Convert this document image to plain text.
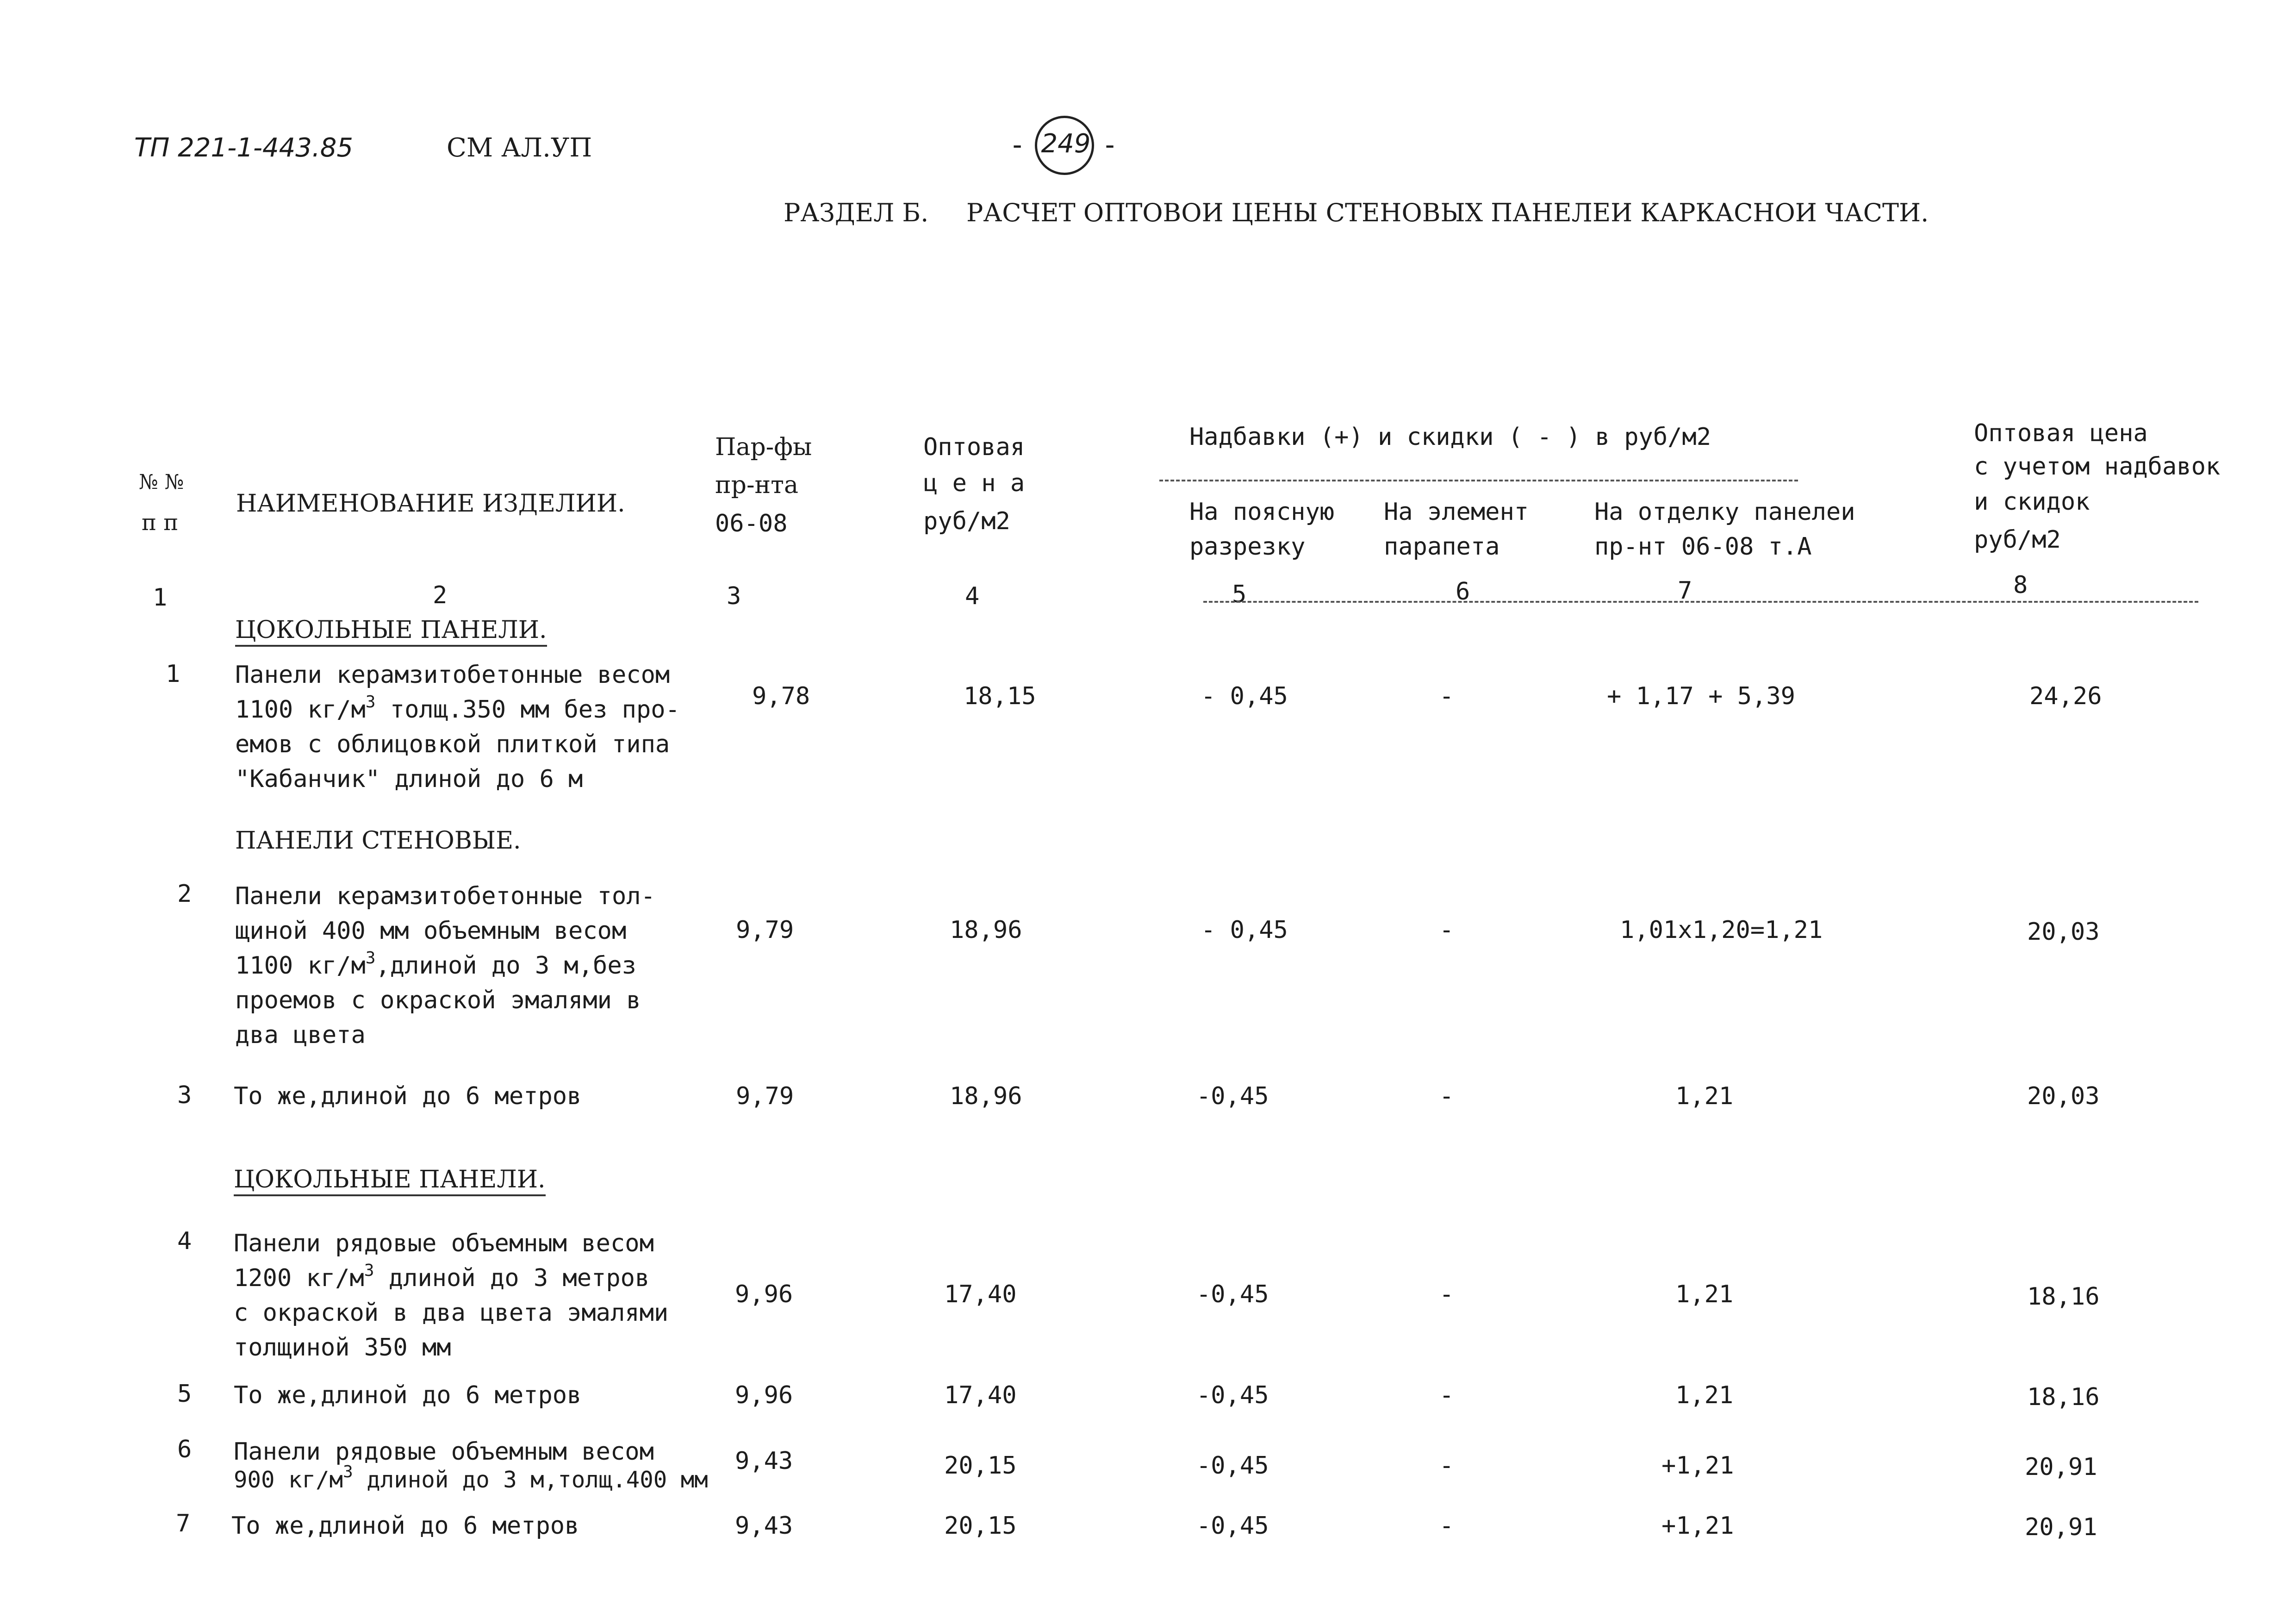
ТП 221-1-443.85	СМ АЛ.УП	- 249 -
РАЗДЕЛ Б. РАСЧЕТ ОПТОВОИ ЦЕНЫ СТЕНОВЫХ ПАНЕЛЕИ КАРКАСНОИ ЧАСТИ.
№ №
п п
НАИМЕНОВАНИЕ ИЗДЕЛИИ.
Пар-фы
пр-нта
06-08
Оптовая
ц е н а
руб/м2
Надбавки (+) и скидки ( - ) в руб/м2
На поясную
разрезку
На элемент
парапета
На отделку панелеи
пр-нт 06-08 т.А
Оптовая цена
с учетом надбавок
и скидок
руб/м2
1	2	3	4	5	6	7	8
ЦОКОЛЬНЫЕ ПАНЕЛИ.
1 Панели керамзитобетонные весом
1100 $кг/м^3$ толщ.350 мм без про-
емов с облицовкой плиткой типа
"Кабанчик" длиной до 6 м
9,78	18,15	- 0,45	-	+ 1,17 + 5,39	24,26
ПАНЕЛИ СТЕНОВЫЕ.
2 Панели керамзитобетонные тол-
щиной 400 мм объемным весом
1100 $кг/м^3,длиной$ до 3 м,без
проемов с окраской эмалями в
два цвета
9,79	18,96	- 0,45	-	1,01x1,20=1,21	20,03
3 То же,длиной до 6 метров	9,79	18,96	-0,45	-	1,21	20,03
ЦОКОЛЬНЫЕ ПАНЕЛИ.
4 Панели рядовые объемным весом
1200 $кг/м^3$ длиной до 3 метров
с окраской в два цвета эмалями
толщиной 350 мм
9,96	17,40	-0,45	-	1,21	18,16
5 То же,длиной до 6 метров	9,96	17,40	-0,45	-	1,21	18,16
6 Панели рядовые объемным весом
900 $кг/м^3$ длиной до 3 м,толщ.400 мм
9,43	20,15	-0,45	-	+1,21	20,91
7 То же,длиной до 6 метров	9,43	20,15	-0,45	-	+1,21	20,91
